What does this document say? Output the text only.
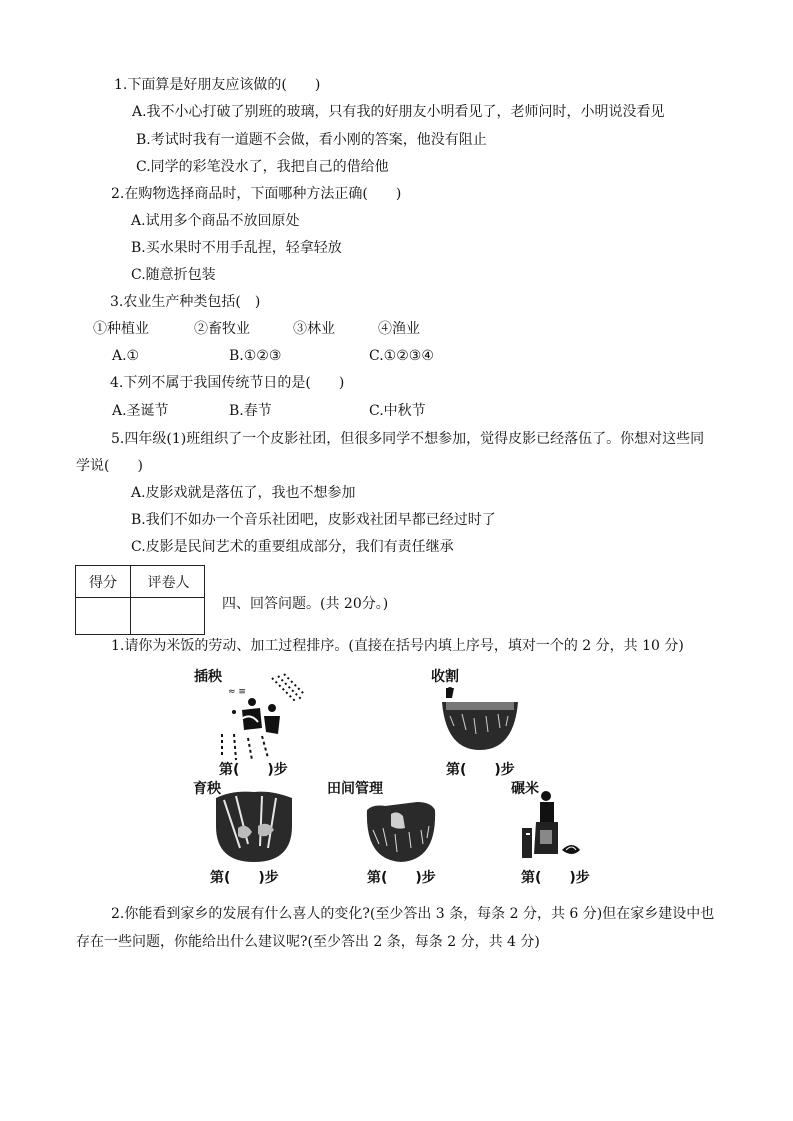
1.下面算是好朋友应该做的(　　)
A.我不小心打破了别班的玻璃，只有我的好朋友小明看见了，老师问时，小明说没看见
B.考试时我有一道题不会做，看小刚的答案，他没有阻止
C.同学的彩笔没水了，我把自己的借给他
2.在购物选择商品时，下面哪种方法正确(　　)
A.试用多个商品不放回原处
B.买水果时不用手乱捏，轻拿轻放
C.随意折包装
3.农业生产种类包括(　)
①种植业	②畜牧业	③林业	④渔业
A.①	B.①②③	C.①②③④
4.下列不属于我国传统节日的是(　　)
A.圣诞节	B.春节	C.中秋节
5.四年级(1)班组织了一个皮影社团，但很多同学不想参加，觉得皮影已经落伍了。你想对这些同
学说(　　)
A.皮影戏就是落伍了，我也不想参加
B.我们不如办一个音乐社团吧，皮影戏社团早都已经过时了
C.皮影是民间艺术的重要组成部分，我们有责任继承
得分	评卷人
四、回答问题。(共 20分。)
1.请你为米饭的劳动、加工过程排序。(直接在括号内填上序号，填对一个的 2 分，共 10 分)
插秧
≈ ≡
第(　　)步
收割
第(　　)步
育秧
第(　　)步
田间管理
第(　　)步
碾米
第(　　)步
2.你能看到家乡的发展有什么喜人的变化?(至少答出 3 条，每条 2 分，共 6 分)但在家乡建设中也
存在一些问题，你能给出什么建议呢?(至少答出 2 条，每条 2 分，共 4 分)
